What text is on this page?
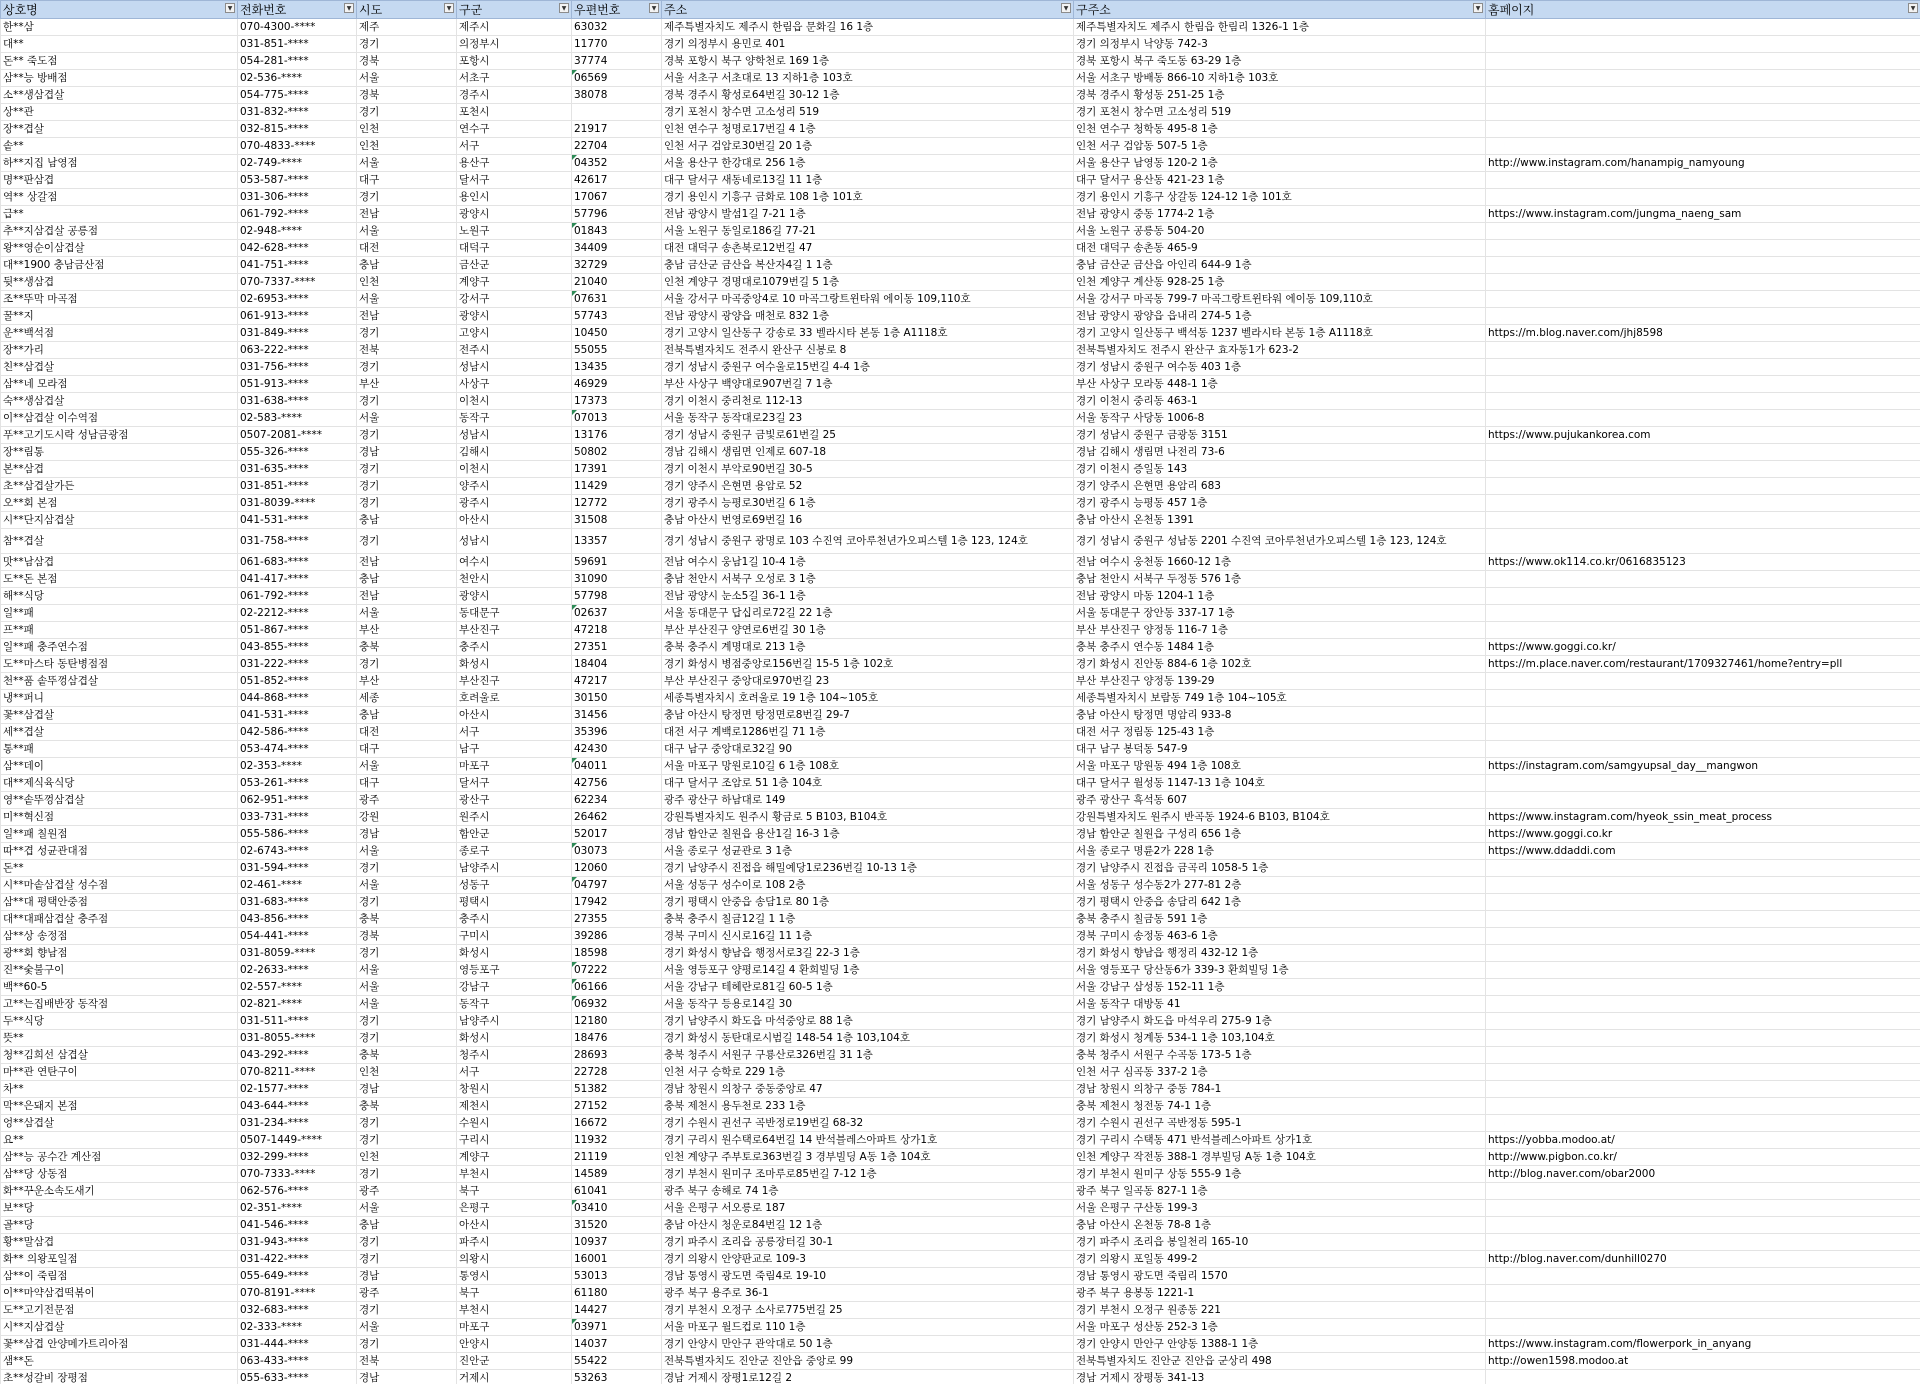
상호명 ▼	전화번호 ▼	시도 ▼	구군 ▼	우편번호 ▼	주소 ▼	구주소 ▼	홈페이지 ▼

한**삼	070-4300-****	제주	제주시	63032	제주특별자치도 제주시 한림읍 문화길 16 1층	제주특별자치도 제주시 한림읍 한림리 1326-1 1층	
대**	031-851-****	경기	의정부시	11770	경기 의정부시 용민로 401	경기 의정부시 낙양동 742-3	
돈** 죽도점	054-281-****	경북	포항시	37774	경북 포항시 북구 양학천로 169 1층	경북 포항시 북구 죽도동 63-29 1층	
삼**능 방배점	02-536-****	서울	서초구	06569	서울 서초구 서초대로 13 지하1층 103호	서울 서초구 방배동 866-10 지하1층 103호	
소**생삼겹살	054-775-****	경북	경주시	38078	경북 경주시 황성로64번길 30-12 1층	경북 경주시 황성동 251-25 1층	
상**관	031-832-****	경기	포천시		경기 포천시 창수면 고소성리 519	경기 포천시 창수면 고소성리 519	
장**겹살	032-815-****	인천	연수구	21917	인천 연수구 청명로17번길 4 1층	인천 연수구 청학동 495-8 1층	
솥**	070-4833-****	인천	서구	22704	인천 서구 검암로30번길 20 1층	인천 서구 검암동 507-5 1층	
하**지집 남영점	02-749-****	서울	용산구	04352	서울 용산구 한강대로 256 1층	서울 용산구 남영동 120-2 1층	http://www.instagram.com/hanampig_namyoung
명**판삼겹	053-587-****	대구	달서구	42617	대구 달서구 새동네로13길 11 1층	대구 달서구 용산동 421-23 1층	
역** 상갈점	031-306-****	경기	용인시	17067	경기 용인시 기흥구 금화로 108 1층 101호	경기 용인시 기흥구 상갈동 124-12 1층 101호	
급**	061-792-****	전남	광양시	57796	전남 광양시 발섬1길 7-21 1층	전남 광양시 중동 1774-2 1층	https://www.instagram.com/jungma_naeng_sam
추**지삼겹살 공릉점	02-948-****	서울	노원구	01843	서울 노원구 동일로186길 77-21	서울 노원구 공릉동 504-20	
왕**영순이삼겹살	042-628-****	대전	대덕구	34409	대전 대덕구 송촌북로12번길 47	대전 대덕구 송촌동 465-9	
대**1900 충남금산점	041-751-****	충남	금산군	32729	충남 금산군 금산읍 복산자4길 1 1층	충남 금산군 금산읍 아인리 644-9 1층	
뒷**생삼겹	070-7337-****	인천	계양구	21040	인천 계양구 경명대로1079번길 5 1층	인천 계양구 계산동 928-25 1층	
조**뚜막 마곡점	02-6953-****	서울	강서구	07631	서울 강서구 마곡중앙4로 10 마곡그랑트윈타워 에이동 109,110호	서울 강서구 마곡동 799-7 마곡그랑트윈타워 에이동 109,110호	
꿀**지	061-913-****	전남	광양시	57743	전남 광양시 광양읍 매천로 832 1층	전남 광양시 광양읍 읍내리 274-5 1층	
운**백석점	031-849-****	경기	고양시	10450	경기 고양시 일산동구 강송로 33 벨라시타 본동 1층 A1118호	경기 고양시 일산동구 백석동 1237 벨라시타 본동 1층 A1118호	https://m.blog.naver.com/jhj8598
장**가리	063-222-****	전북	전주시	55055	전북특별자치도 전주시 완산구 신봉로 8	전북특별자치도 전주시 완산구 효자동1가 623-2	
친**삼겹살	031-756-****	경기	성남시	13435	경기 성남시 중원구 여수울로15번길 4-4 1층	경기 성남시 중원구 여수동 403 1층	
삼**네 모라점	051-913-****	부산	사상구	46929	부산 사상구 백양대로907번길 7 1층	부산 사상구 모라동 448-1 1층	
숙**생삼겹살	031-638-****	경기	이천시	17373	경기 이천시 중리천로 112-13	경기 이천시 중리동 463-1	
이**삼겹살 이수역점	02-583-****	서울	동작구	07013	서울 동작구 동작대로23길 23	서울 동작구 사당동 1006-8	
푸**고기도시락 성남금광점	0507-2081-****	경기	성남시	13176	경기 성남시 중원구 금빛로61번길 25	경기 성남시 중원구 금광동 3151	https://www.pujukankorea.com
장**림통	055-326-****	경남	김해시	50802	경남 김해시 생림면 인제로 607-18	경남 김해시 생림면 나전리 73-6	
본**삼겹	031-635-****	경기	이천시	17391	경기 이천시 부악로90번길 30-5	경기 이천시 증일동 143	
초**삼겹살가든	031-851-****	경기	양주시	11429	경기 양주시 은현면 용암로 52	경기 양주시 은현면 용암리 683	
오**회 본점	031-8039-****	경기	광주시	12772	경기 광주시 능평로30번길 6 1층	경기 광주시 능평동 457 1층	
시**단지삼겹살	041-531-****	충남	아산시	31508	충남 아산시 번영로69번길 16	충남 아산시 온천동 1391	
참**겹살	031-758-****	경기	성남시	13357	경기 성남시 중원구 광명로 103 수진역 코아루천년가오피스텔 1층 123, 124호	경기 성남시 중원구 성남동 2201 수진역 코아루천년가오피스텔 1층 123, 124호	
맛**남삼겹	061-683-****	전남	여수시	59691	전남 여수시 웅남1길 10-4 1층	전남 여수시 웅천동 1660-12 1층	https://www.ok114.co.kr/0616835123
도**돈 본점	041-417-****	충남	천안시	31090	충남 천안시 서북구 오성로 3 1층	충남 천안시 서북구 두정동 576 1층	
해**식당	061-792-****	전남	광양시	57798	전남 광양시 눈소5길 36-1 1층	전남 광양시 마동 1204-1 1층	
일**패	02-2212-****	서울	동대문구	02637	서울 동대문구 답십리로72길 22 1층	서울 동대문구 장안동 337-17 1층	
프**패	051-867-****	부산	부산진구	47218	부산 부산진구 양연로6번길 30 1층	부산 부산진구 양정동 116-7 1층	
일**패 충주연수점	043-855-****	충북	충주시	27351	충북 충주시 계명대로 213 1층	충북 충주시 연수동 1484 1층	https://www.goggi.co.kr/
도**마스타 동탄병점점	031-222-****	경기	화성시	18404	경기 화성시 병점중앙로156번길 15-5 1층 102호	경기 화성시 진안동 884-6 1층 102호	https://m.place.naver.com/restaurant/1709327461/home?entry=pll
천**품 솥뚜껑삼겹살	051-852-****	부산	부산진구	47217	부산 부산진구 중앙대로970번길 23	부산 부산진구 양정동 139-29	
냉**퍼니	044-868-****	세종	호려울로	30150	세종특별자치시 호려울로 19 1층 104~105호	세종특별자치시 보람동 749 1층 104~105호	
꽃**삼겹살	041-531-****	충남	아산시	31456	충남 아산시 탕정면 탕정면로8번길 29-7	충남 아산시 탕정면 명암리 933-8	
세**겹살	042-586-****	대전	서구	35396	대전 서구 계백로1286번길 71 1층	대전 서구 정림동 125-43 1층	
통**패	053-474-****	대구	남구	42430	대구 남구 중앙대로32길 90	대구 남구 봉덕동 547-9	
삼**데이	02-353-****	서울	마포구	04011	서울 마포구 망원로10길 6 1층 108호	서울 마포구 망원동 494 1층 108호	https://instagram.com/samgyupsal_day__mangwon
대**제식육식당	053-261-****	대구	달서구	42756	대구 달서구 조암로 51 1층 104호	대구 달서구 월성동 1147-13 1층 104호	
영**솥뚜껑삼겹살	062-951-****	광주	광산구	62234	광주 광산구 하남대로 149	광주 광산구 흑석동 607	
미**혁신점	033-731-****	강원	원주시	26462	강원특별자치도 원주시 황금로 5 B103, B104호	강원특별자치도 원주시 반곡동 1924-6 B103, B104호	https://www.instagram.com/hyeok_ssin_meat_process
일**패 칠원점	055-586-****	경남	함안군	52017	경남 함안군 칠원읍 용산1길 16-3 1층	경남 함안군 칠원읍 구성리 656 1층	https://www.goggi.co.kr
따**겹 성균관대점	02-6743-****	서울	종로구	03073	서울 종로구 성균관로 3 1층	서울 종로구 명륜2가 228 1층	https://www.ddaddi.com
돈**	031-594-****	경기	남양주시	12060	경기 남양주시 진접읍 해밀예당1로236번길 10-13 1층	경기 남양주시 진접읍 금곡리 1058-5 1층	
시**마솥삼겹살 성수점	02-461-****	서울	성동구	04797	서울 성동구 성수이로 108 2층	서울 성동구 성수동2가 277-81 2층	
삼**대 평택안중점	031-683-****	경기	평택시	17942	경기 평택시 안중읍 송담1로 80 1층	경기 평택시 안중읍 송담리 642 1층	
대**대패삼겹살 충주점	043-856-****	충북	충주시	27355	충북 충주시 칠금12길 1 1층	충북 충주시 칠금동 591 1층	
삼**상 송정점	054-441-****	경북	구미시	39286	경북 구미시 신시로16길 11 1층	경북 구미시 송정동 463-6 1층	
광**회 향남점	031-8059-****	경기	화성시	18598	경기 화성시 향남읍 행정서로3길 22-3 1층	경기 화성시 향남읍 행정리 432-12 1층	
진**숯불구이	02-2633-****	서울	영등포구	07222	서울 영등포구 양평로14길 4 환희빌딩 1층	서울 영등포구 당산동6가 339-3 환희빌딩 1층	
백**60-5	02-557-****	서울	강남구	06166	서울 강남구 테헤란로81길 60-5 1층	서울 강남구 삼성동 152-11 1층	
고**는집배반장 동작점	02-821-****	서울	동작구	06932	서울 동작구 등용로14길 30	서울 동작구 대방동 41	
두**식당	031-511-****	경기	남양주시	12180	경기 남양주시 화도읍 마석중앙로 88 1층	경기 남양주시 화도읍 마석우리 275-9 1층	
뜻**	031-8055-****	경기	화성시	18476	경기 화성시 동탄대로시범길 148-54 1층 103,104호	경기 화성시 청계동 534-1 1층 103,104호	
청**김희선 삼겹살	043-292-****	충북	청주시	28693	충북 청주시 서원구 구룡산로326번길 31 1층	충북 청주시 서원구 수곡동 173-5 1층	
마**관 연탄구이	070-8211-****	인천	서구	22728	인천 서구 승학로 229 1층	인천 서구 심곡동 337-2 1층	
차**	02-1577-****	경남	창원시	51382	경남 창원시 의창구 중동중앙로 47	경남 창원시 의창구 중동 784-1	
막**은돼지 본점	043-644-****	충북	제천시	27152	충북 제천시 용두천로 233 1층	충북 제천시 청전동 74-1 1층	
엉**삼겹살	031-234-****	경기	수원시	16672	경기 수원시 권선구 곡반정로19번길 68-32	경기 수원시 권선구 곡반정동 595-1	
요**	0507-1449-****	경기	구리시	11932	경기 구리시 원수택로64번길 14 반석블레스아파트 상가1호	경기 구리시 수택동 471 반석블레스아파트 상가1호	https://yobba.modoo.at/
삼**능 공수간 계산점	032-299-****	인천	계양구	21119	인천 계양구 주부토로363번길 3 경부빌딩 A동 1층 104호	인천 계양구 작전동 388-1 경부빌딩 A동 1층 104호	http://www.pigbon.co.kr/
삼**당 상동점	070-7333-****	경기	부천시	14589	경기 부천시 원미구 조마루로85번길 7-12 1층	경기 부천시 원미구 상동 555-9 1층	http://blog.naver.com/obar2000
화**꾸운소속도새기	062-576-****	광주	북구	61041	광주 북구 송해로 74 1층	광주 북구 일곡동 827-1 1층	
보**당	02-351-****	서울	은평구	03410	서울 은평구 서오릉로 187	서울 은평구 구산동 199-3	
골**당	041-546-****	충남	아산시	31520	충남 아산시 청운로84번길 12 1층	충남 아산시 온천동 78-8 1층	
황**말삼겹	031-943-****	경기	파주시	10937	경기 파주시 조리읍 공릉장터길 30-1	경기 파주시 조리읍 봉일천리 165-10	
화** 의왕포일점	031-422-****	경기	의왕시	16001	경기 의왕시 안양판교로 109-3	경기 의왕시 포일동 499-2	http://blog.naver.com/dunhill0270
삼**이 죽림점	055-649-****	경남	통영시	53013	경남 통영시 광도면 죽림4로 19-10	경남 통영시 광도면 죽림리 1570	
이**마약삼겹떡볶이	070-8191-****	광주	북구	61180	광주 북구 용주로 36-1	광주 북구 용봉동 1221-1	
도**고기전문점	032-683-****	경기	부천시	14427	경기 부천시 오정구 소사로775번길 25	경기 부천시 오정구 원종동 221	
시**지삼겹살	02-333-****	서울	마포구	03971	서울 마포구 월드컵로 110 1층	서울 마포구 성산동 252-3 1층	
꽃**삼겹 안양메가트리아점	031-444-****	경기	안양시	14037	경기 안양시 만안구 관악대로 50 1층	경기 안양시 만안구 안양동 1388-1 1층	https://www.instagram.com/flowerpork_in_anyang
샘**돈	063-433-****	전북	진안군	55422	전북특별자치도 진안군 진안읍 중앙로 99	전북특별자치도 진안군 진안읍 군상리 498	http://owen1598.modoo.at
초**성갈비 장평점	055-633-****	경남	거제시	53263	경남 거제시 장평1로12길 2	경남 거제시 장평동 341-13	
